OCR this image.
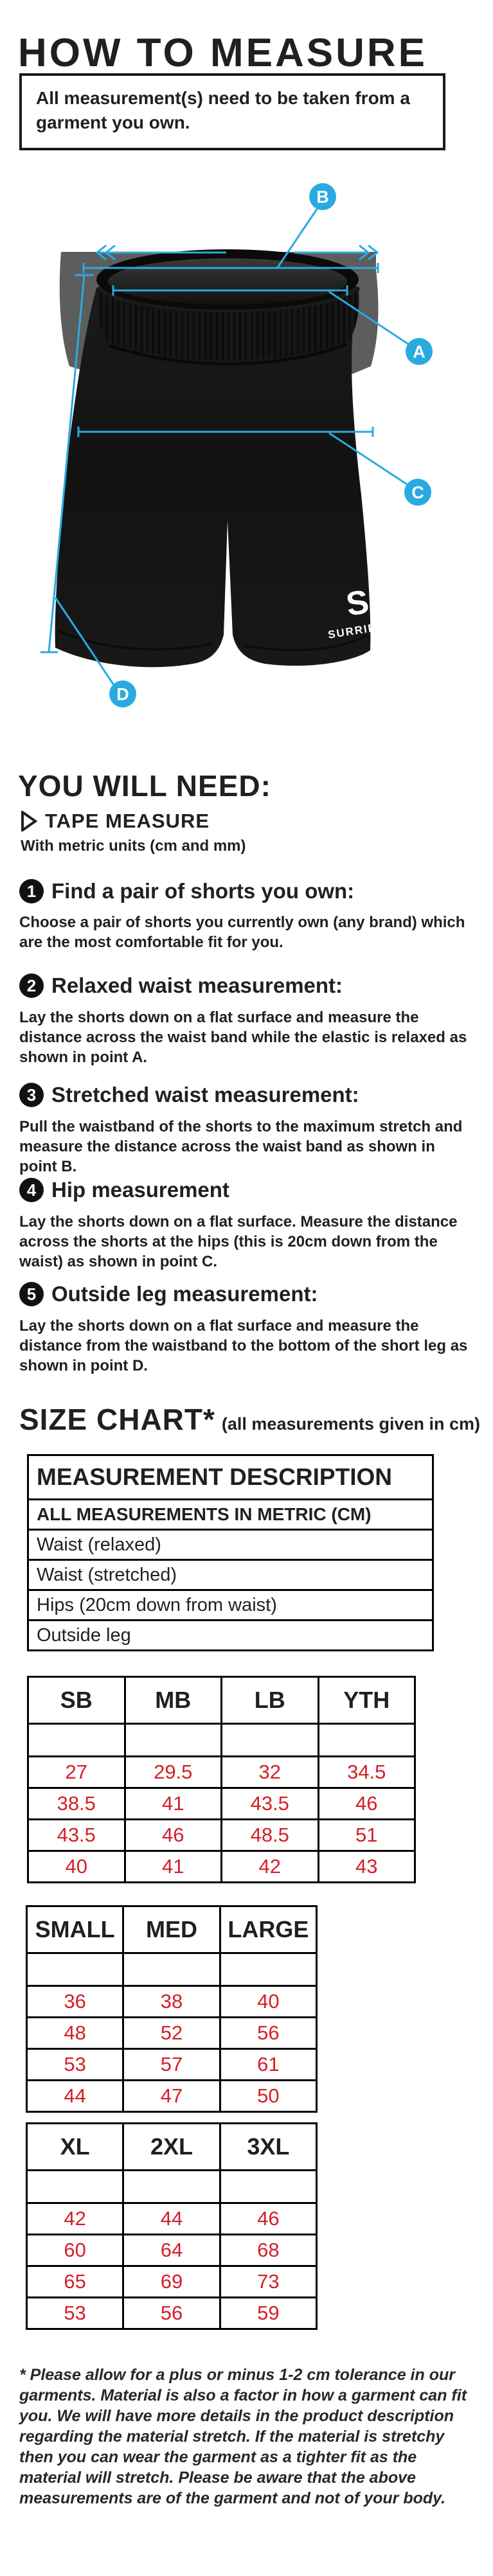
HOW TO MEASURE
All measurement(s) need to be taken from a garment you own.
S
SURRIDGE
B
A
C
D
YOU WILL NEED:
TAPE MEASURE
With metric units (cm and mm)
1 Find a pair of shorts you own:
Choose a pair of shorts you currently own (any brand) which are the most comfortable fit for you.
2 Relaxed waist measurement:
Lay the shorts down on a flat surface and measure the distance across the waist band while the elastic is relaxed as shown in point A.
3 Stretched waist measurement:
Pull the waistband of the shorts to the maximum stretch and measure the distance across the waist band as shown in point B.
4 Hip measurement
Lay the shorts down on a flat surface. Measure the distance across the shorts at the hips (this is 20cm down from the waist) as shown in point C.
5 Outside leg measurement:
Lay the shorts down on a flat surface and measure the distance from the waistband to the bottom of the short leg as shown in point D.
SIZE CHART* (all measurements given in cm)
MEASUREMENT DESCRIPTION
ALL MEASUREMENTS IN METRIC (CM)
Waist (relaxed)
Waist (stretched)
Hips (20cm down from waist)
Outside leg
SB	MB	LB	YTH

27	29.5	32	34.5
38.5	41	43.5	46
43.5	46	48.5	51
40	41	42	43
SMALL	MED	LARGE

36	38	40
48	52	56
53	57	61
44	47	50
XL	2XL	3XL

42	44	46
60	64	68
65	69	73
53	56	59
* Please allow for a plus or minus 1-2 cm tolerance in our garments. Material is also a factor in how a garment can fit you. We will have more details in the product description regarding the material stretch. If the material is stretchy then you can wear the garment as a tighter fit as the material will stretch. Please be aware that the above measurements are of the garment and not of your body.
